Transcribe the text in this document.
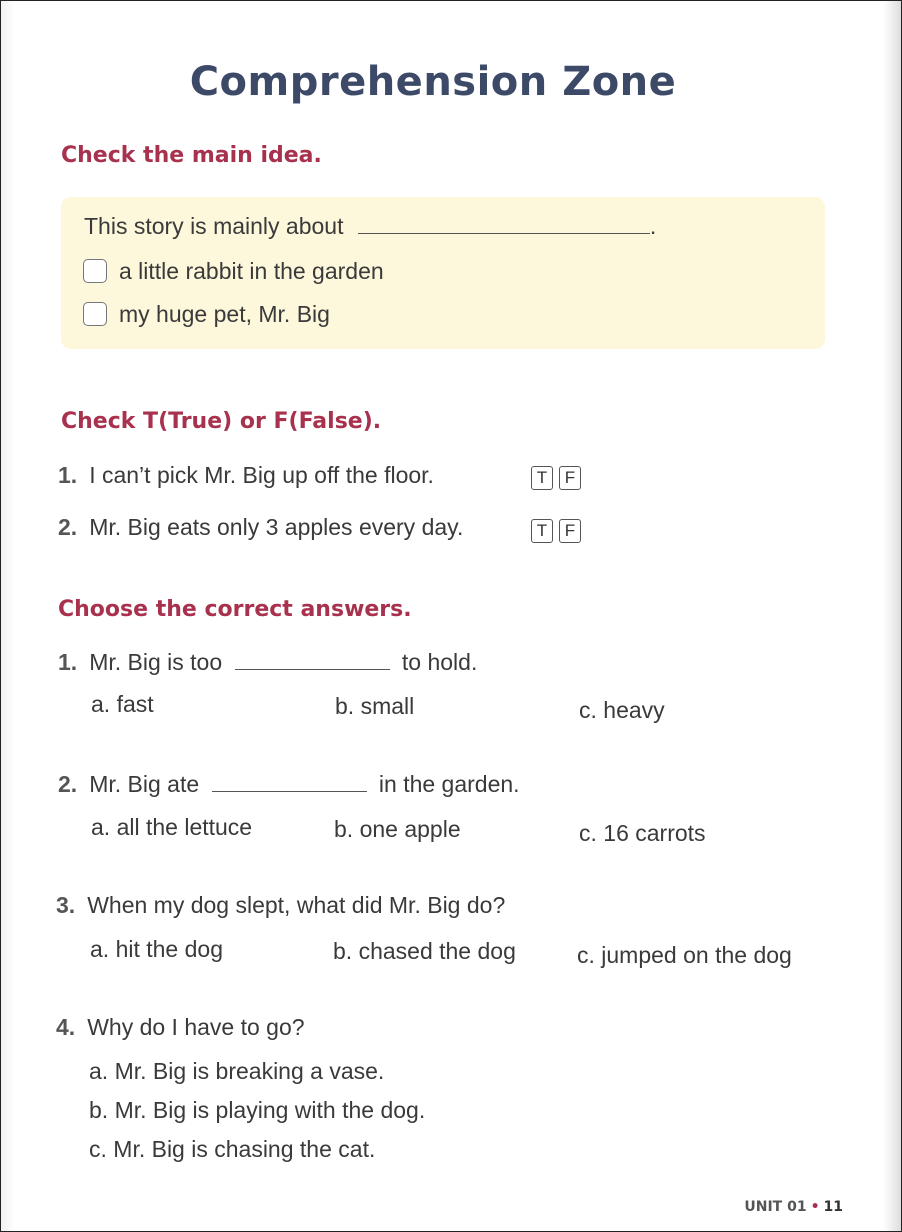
Comprehension Zone
Check the main idea.
This story is mainly about	.
a little rabbit in the garden
my huge pet, Mr. Big
Check T(True) or F(False).
1. I can’t pick Mr. Big up off the floor.	T F
2. Mr. Big eats only 3 apples every day.	T F
Choose the correct answers.
1. Mr. Big is too	to hold.
a. fast	b. small	c. heavy
2. Mr. Big ate	in the garden.
a. all the lettuce	b. one apple	c. 16 carrots
3. When my dog slept, what did Mr. Big do?
a. hit the dog	b. chased the dog	c. jumped on the dog
4. Why do I have to go?
a. Mr. Big is breaking a vase.
b. Mr. Big is playing with the dog.
c. Mr. Big is chasing the cat.
UNIT 01 • 11
